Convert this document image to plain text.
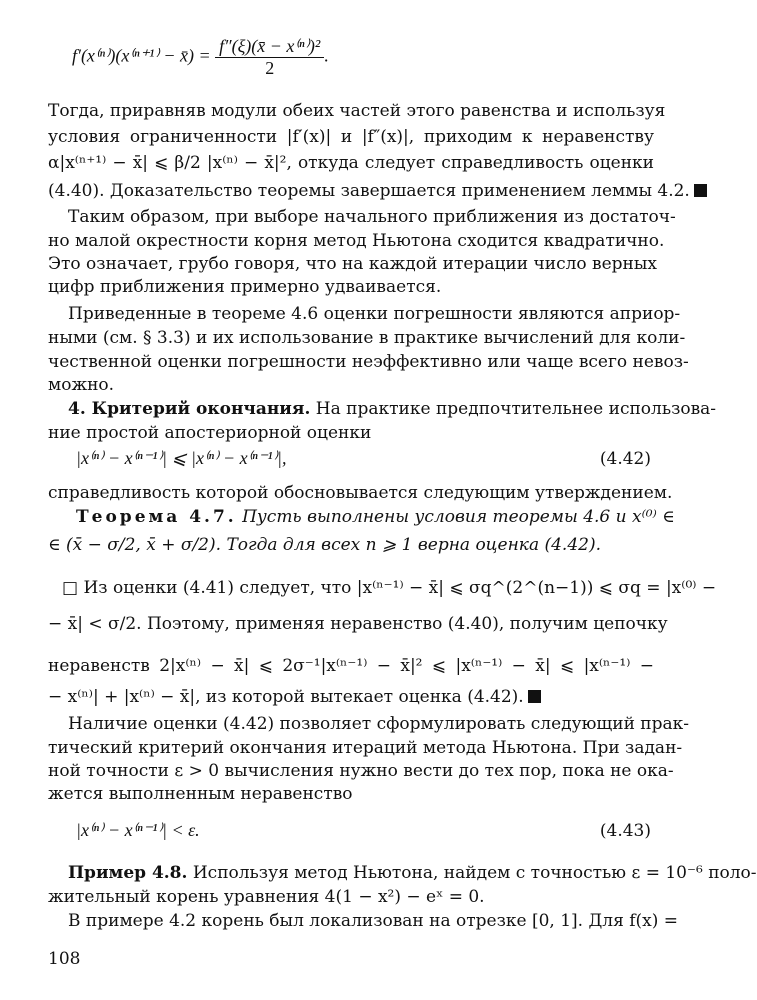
f′(x⁽ⁿ⁾)(x⁽ⁿ⁺¹⁾ − x̄) = $\frac{\text{f″(ξ)(x̄ − x⁽ⁿ⁾)²}}{2}$ .
Тогда, приравняв модули обеих частей этого равенства и используя
условия ограниченности |f′(x)| и |f″(x)|, приходим к неравенству
α|x⁽ⁿ⁺¹⁾ − x̄| ⩽ β/2 |x⁽ⁿ⁾ − x̄|², откуда следует справедливость оценки
(4.40). Доказательство теоремы завершается применением леммы 4.2.
Таким образом, при выборе начального приближения из достаточ-
но малой окрестности корня метод Ньютона сходится квадратично.
Это означает, грубо говоря, что на каждой итерации число верных
цифр приближения примерно удваивается.
Приведенные в теореме 4.6 оценки погрешности являются априор-
ными (см. § 3.3) и их использование в практике вычислений для коли-
чественной оценки погрешности неэффективно или чаще всего невоз-
можно.
4. Критерий окончания. На практике предпочтительнее использова-
ние простой апостериорной оценки
|x⁽ⁿ⁾ − x⁽ⁿ⁻¹⁾| ⩽ |x⁽ⁿ⁾ − x⁽ⁿ⁻¹⁾|,	(4.42)
справедливость которой обосновывается следующим утверждением.
Теорема 4.7. Пусть выполнены условия теоремы 4.6 и x⁽⁰⁾ ∈
∈ (x̄ − σ/2, x̄ + σ/2). Тогда для всех n ⩾ 1 верна оценка (4.42).
□ Из оценки (4.41) следует, что |x⁽ⁿ⁻¹⁾ − x̄| ⩽ σq^(2^(n−1)) ⩽ σq = |x⁽⁰⁾ −
− x̄| < σ/2. Поэтому, применяя неравенство (4.40), получим цепочку
неравенств 2|x⁽ⁿ⁾ − x̄| ⩽ 2σ⁻¹|x⁽ⁿ⁻¹⁾ − x̄|² ⩽ |x⁽ⁿ⁻¹⁾ − x̄| ⩽ |x⁽ⁿ⁻¹⁾ −
− x⁽ⁿ⁾| + |x⁽ⁿ⁾ − x̄|, из которой вытекает оценка (4.42).
Наличие оценки (4.42) позволяет сформулировать следующий прак-
тический критерий окончания итераций метода Ньютона. При задан-
ной точности ε > 0 вычисления нужно вести до тех пор, пока не ока-
жется выполненным неравенство
|x⁽ⁿ⁾ − x⁽ⁿ⁻¹⁾| < ε.	(4.43)
Пример 4.8. Используя метод Ньютона, найдем с точностью ε = 10⁻⁶ поло-
жительный корень уравнения 4(1 − x²) − eˣ = 0.
В примере 4.2 корень был локализован на отрезке [0, 1]. Для f(x) =
108
